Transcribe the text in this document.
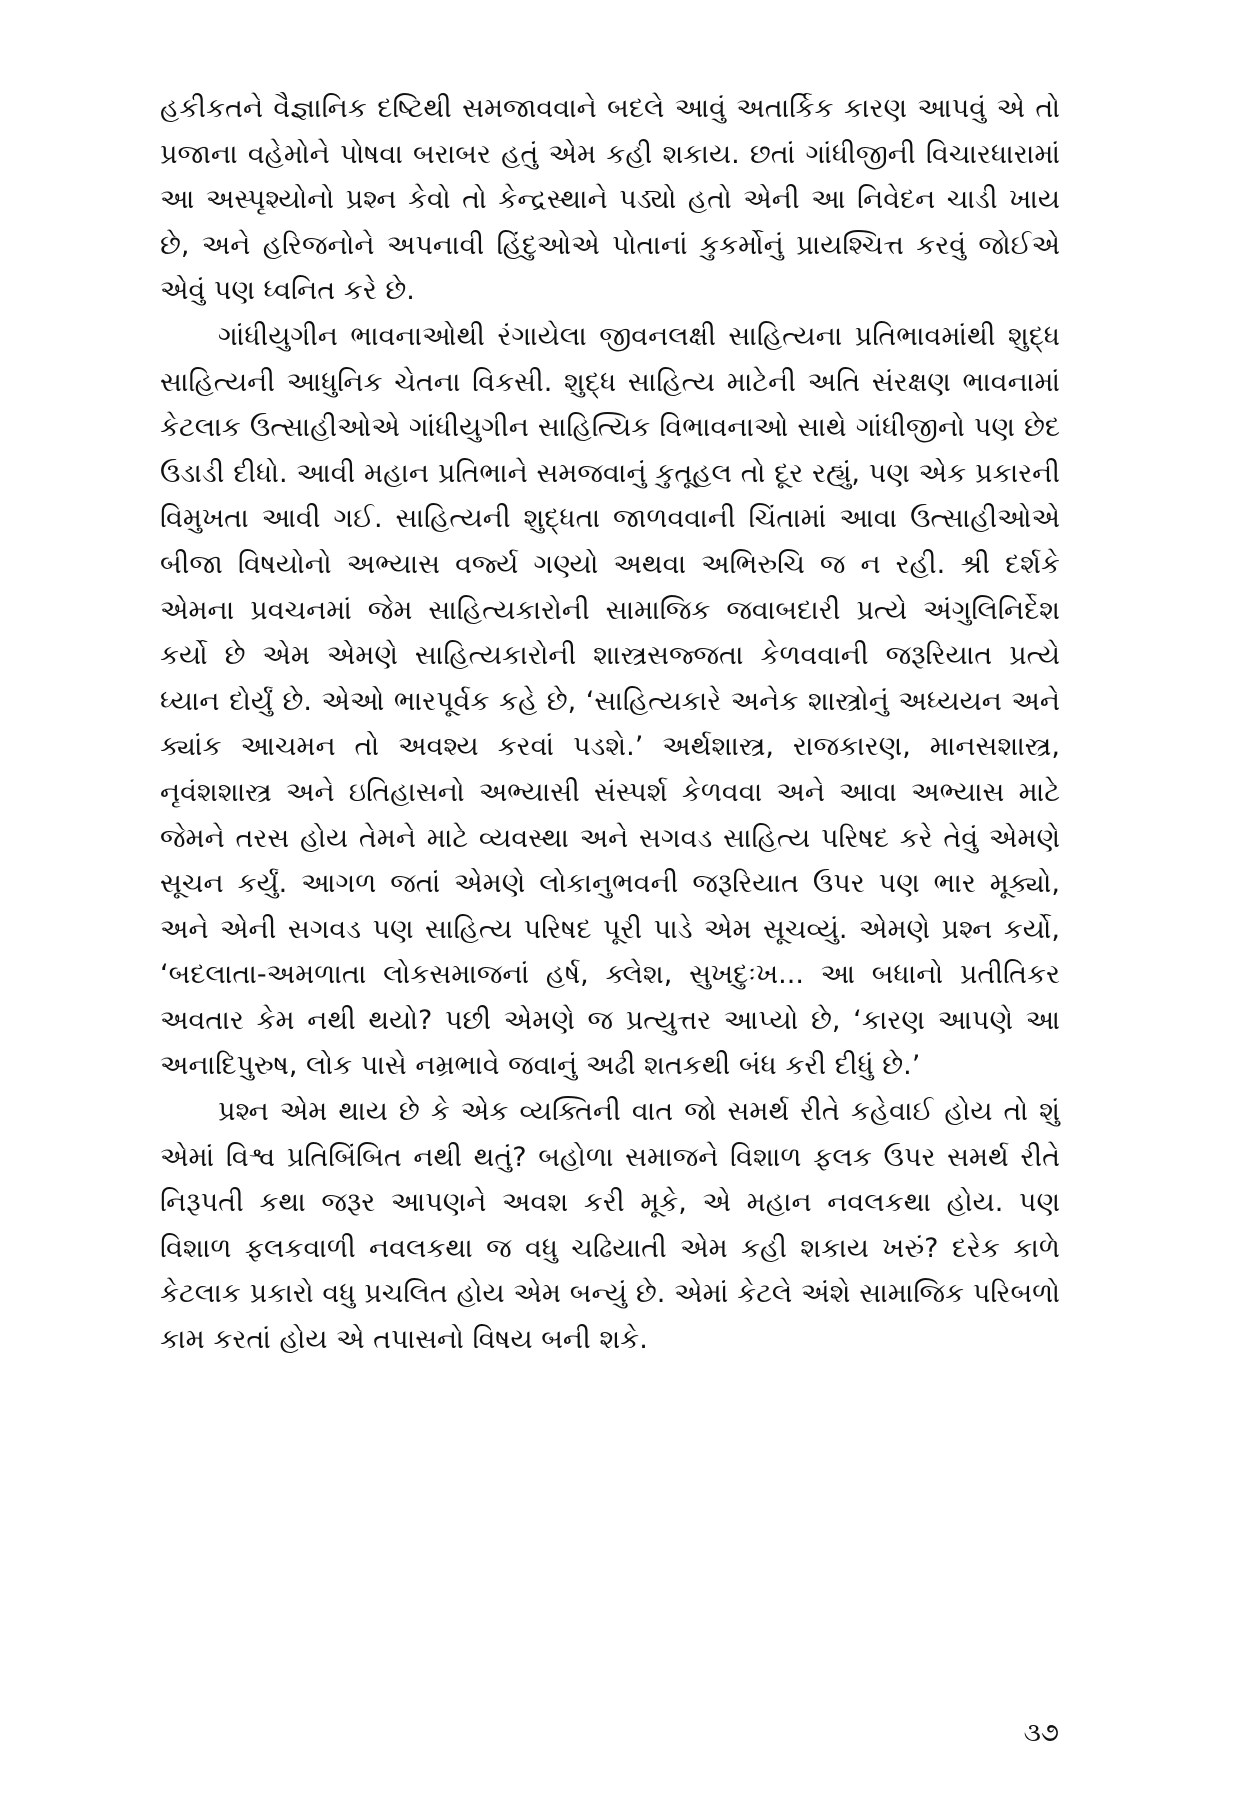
હકીકતને વૈજ્ઞાનિક દષ્ટિથી સમજાવવાને બદલે આવું અતાર્કિક કારણ આપવું એ તો પ્રજાના વહેમોને પોષવા બરાબર હતું એમ કહી શકાય. છતાં ગાંધીજીની વિચારધારામાં આ અસ્પૃશ્યોનો પ્રશ્ન કેવો તો કેન્દ્રસ્થાને પડ્યો હતો એની આ નિવેદન ચાડી ખાય છે, અને હરિજનોને અપનાવી હિંદુઓએ પોતાનાં કુકર્મોનું પ્રાયશ્ચિત્ત કરવું જોઈએ એવું પણ ધ્વનિત કરે છે.

ગાંધીયુગીન ભાવનાઓથી રંગાયેલા જીવનલક્ષી સાહિત્યના પ્રતિભાવમાંથી શુદ્ધ સાહિત્યની આધુનિક ચેતના વિકસી. શુદ્ધ સાહિત્ય માટેની અતિ સંરક્ષણ ભાવનામાં કેટલાક ઉત્સાહીઓએ ગાંધીયુગીન સાહિત્યિક વિભાવનાઓ સાથે ગાંધીજીનો પણ છેદ ઉડાડી દીધો. આવી મહાન પ્રતિભાને સમજવાનું કુતૂહલ તો દૂર રહ્યું, પણ એક પ્રકારની વિમુખતા આવી ગઈ. સાહિત્યની શુદ્ધતા જાળવવાની ચિંતામાં આવા ઉત્સાહીઓએ બીજા વિષયોનો અભ્યાસ વર્જ્ય ગણ્યો અથવા અભિરુચિ જ ન રહી. શ્રી દર્શકે એમના પ્રવચનમાં જેમ સાહિત્યકારોની સામાજિક જવાબદારી પ્રત્યે અંગુલિનિર્દેશ કર્યો છે એમ એમણે સાહિત્યકારોની શાસ્ત્રસજ્જતા કેળવવાની જરૂરિયાત પ્રત્યે ધ્યાન દોર્યું છે. એઓ ભારપૂર્વક કહે છે, ‘સાહિત્યકારે અનેક શાસ્ત્રોનું અધ્યયન અને ક્યાંક આચમન તો અવશ્ય કરવાં પડશે.’ અર્થશાસ્ત્ર, રાજકારણ, માનસશાસ્ત્ર, નૃવંશશાસ્ત્ર અને ઇતિહાસનો અભ્યાસી સંસ્પર્શ કેળવવા અને આવા અભ્યાસ માટે જેમને તરસ હોય તેમને માટે વ્યવસ્થા અને સગવડ સાહિત્ય પરિષદ કરે તેવું એમણે સૂચન કર્યું. આગળ જતાં એમણે લોકાનુભવની જરૂરિયાત ઉપર પણ ભાર મૂક્યો, અને એની સગવડ પણ સાહિત્ય પરિષદ પૂરી પાડે એમ સૂચવ્યું. એમણે પ્રશ્ન કર્યો, ‘બદલાતા-અમળાતા લોકસમાજનાં હર્ષ, ક્લેશ, સુખદુઃખ... આ બધાનો પ્રતીતિકર અવતાર કેમ નથી થયો? પછી એમણે જ પ્રત્યુત્તર આપ્યો છે, ‘કારણ આપણે આ અનાદિપુરુષ, લોક પાસે નમ્રભાવે જવાનું અઢી શતકથી બંધ કરી દીધું છે.’

પ્રશ્ન એમ થાય છે કે એક વ્યક્તિની વાત જો સમર્થ રીતે કહેવાઈ હોય તો શું એમાં વિશ્વ પ્રતિબિંબિત નથી થતું? બહોળા સમાજને વિશાળ ફલક ઉપર સમર્થ રીતે નિરૂપતી કથા જરૂર આપણને અવશ કરી મૂકે, એ મહાન નવલકથા હોય. પણ વિશાળ ફલકવાળી નવલકથા જ વધુ ચઢિયાતી એમ કહી શકાય ખરું? દરેક કાળે કેટલાક પ્રકારો વધુ પ્રચલિત હોય એમ બન્યું છે. એમાં કેટલે અંશે સામાજિક પરિબળો કામ કરતાં હોય એ તપાસનો વિષય બની શકે.

૩૭
